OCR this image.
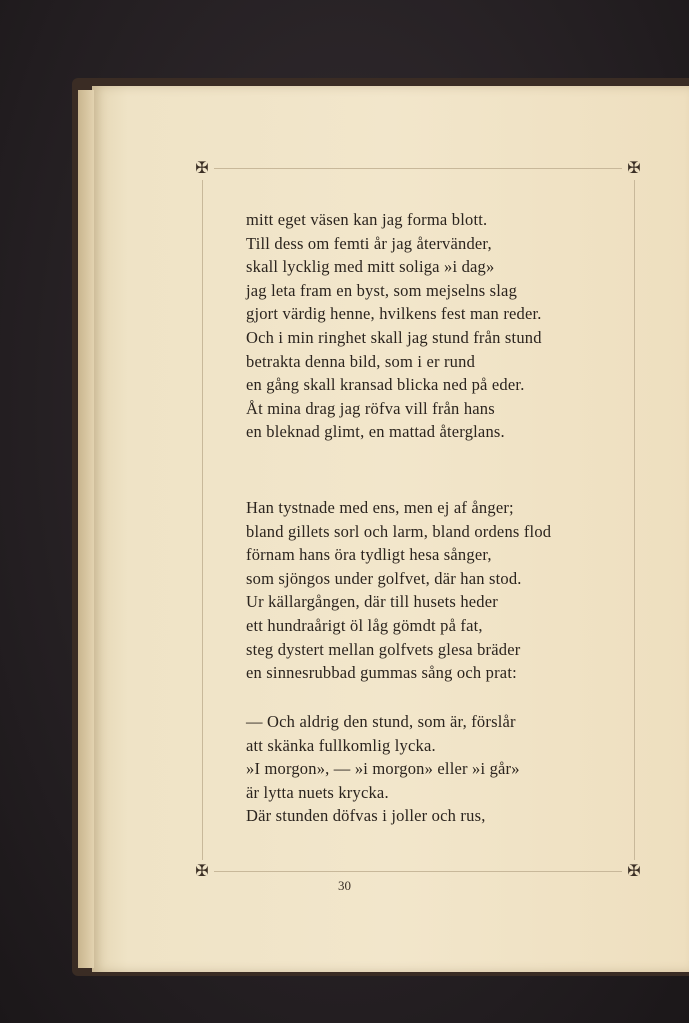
✠
✠
✠
✠
mitt eget väsen kan jag forma blott.
Till dess om femti år jag återvänder,
skall lycklig med mitt soliga »i dag»
jag leta fram en byst, som mejselns slag
gjort värdig henne, hvilkens fest man reder.
Och i min ringhet skall jag stund från stund
betrakta denna bild, som i er rund
en gång skall kransad blicka ned på eder.
Åt mina drag jag röfva vill från hans
en bleknad glimt, en mattad återglans.
Han tystnade med ens, men ej af ånger;
bland gillets sorl och larm, bland ordens flod
förnam hans öra tydligt hesa sånger,
som sjöngos under golfvet, där han stod.
Ur källargången, där till husets heder
ett hundraårigt öl låg gömdt på fat,
steg dystert mellan golfvets glesa bräder
en sinnesrubbad gummas sång och prat:
— Och aldrig den stund, som är, förslår
att skänka fullkomlig lycka.
»I morgon», — »i morgon» eller »i går»
är lytta nuets krycka.
Där stunden döfvas i joller och rus,
30
